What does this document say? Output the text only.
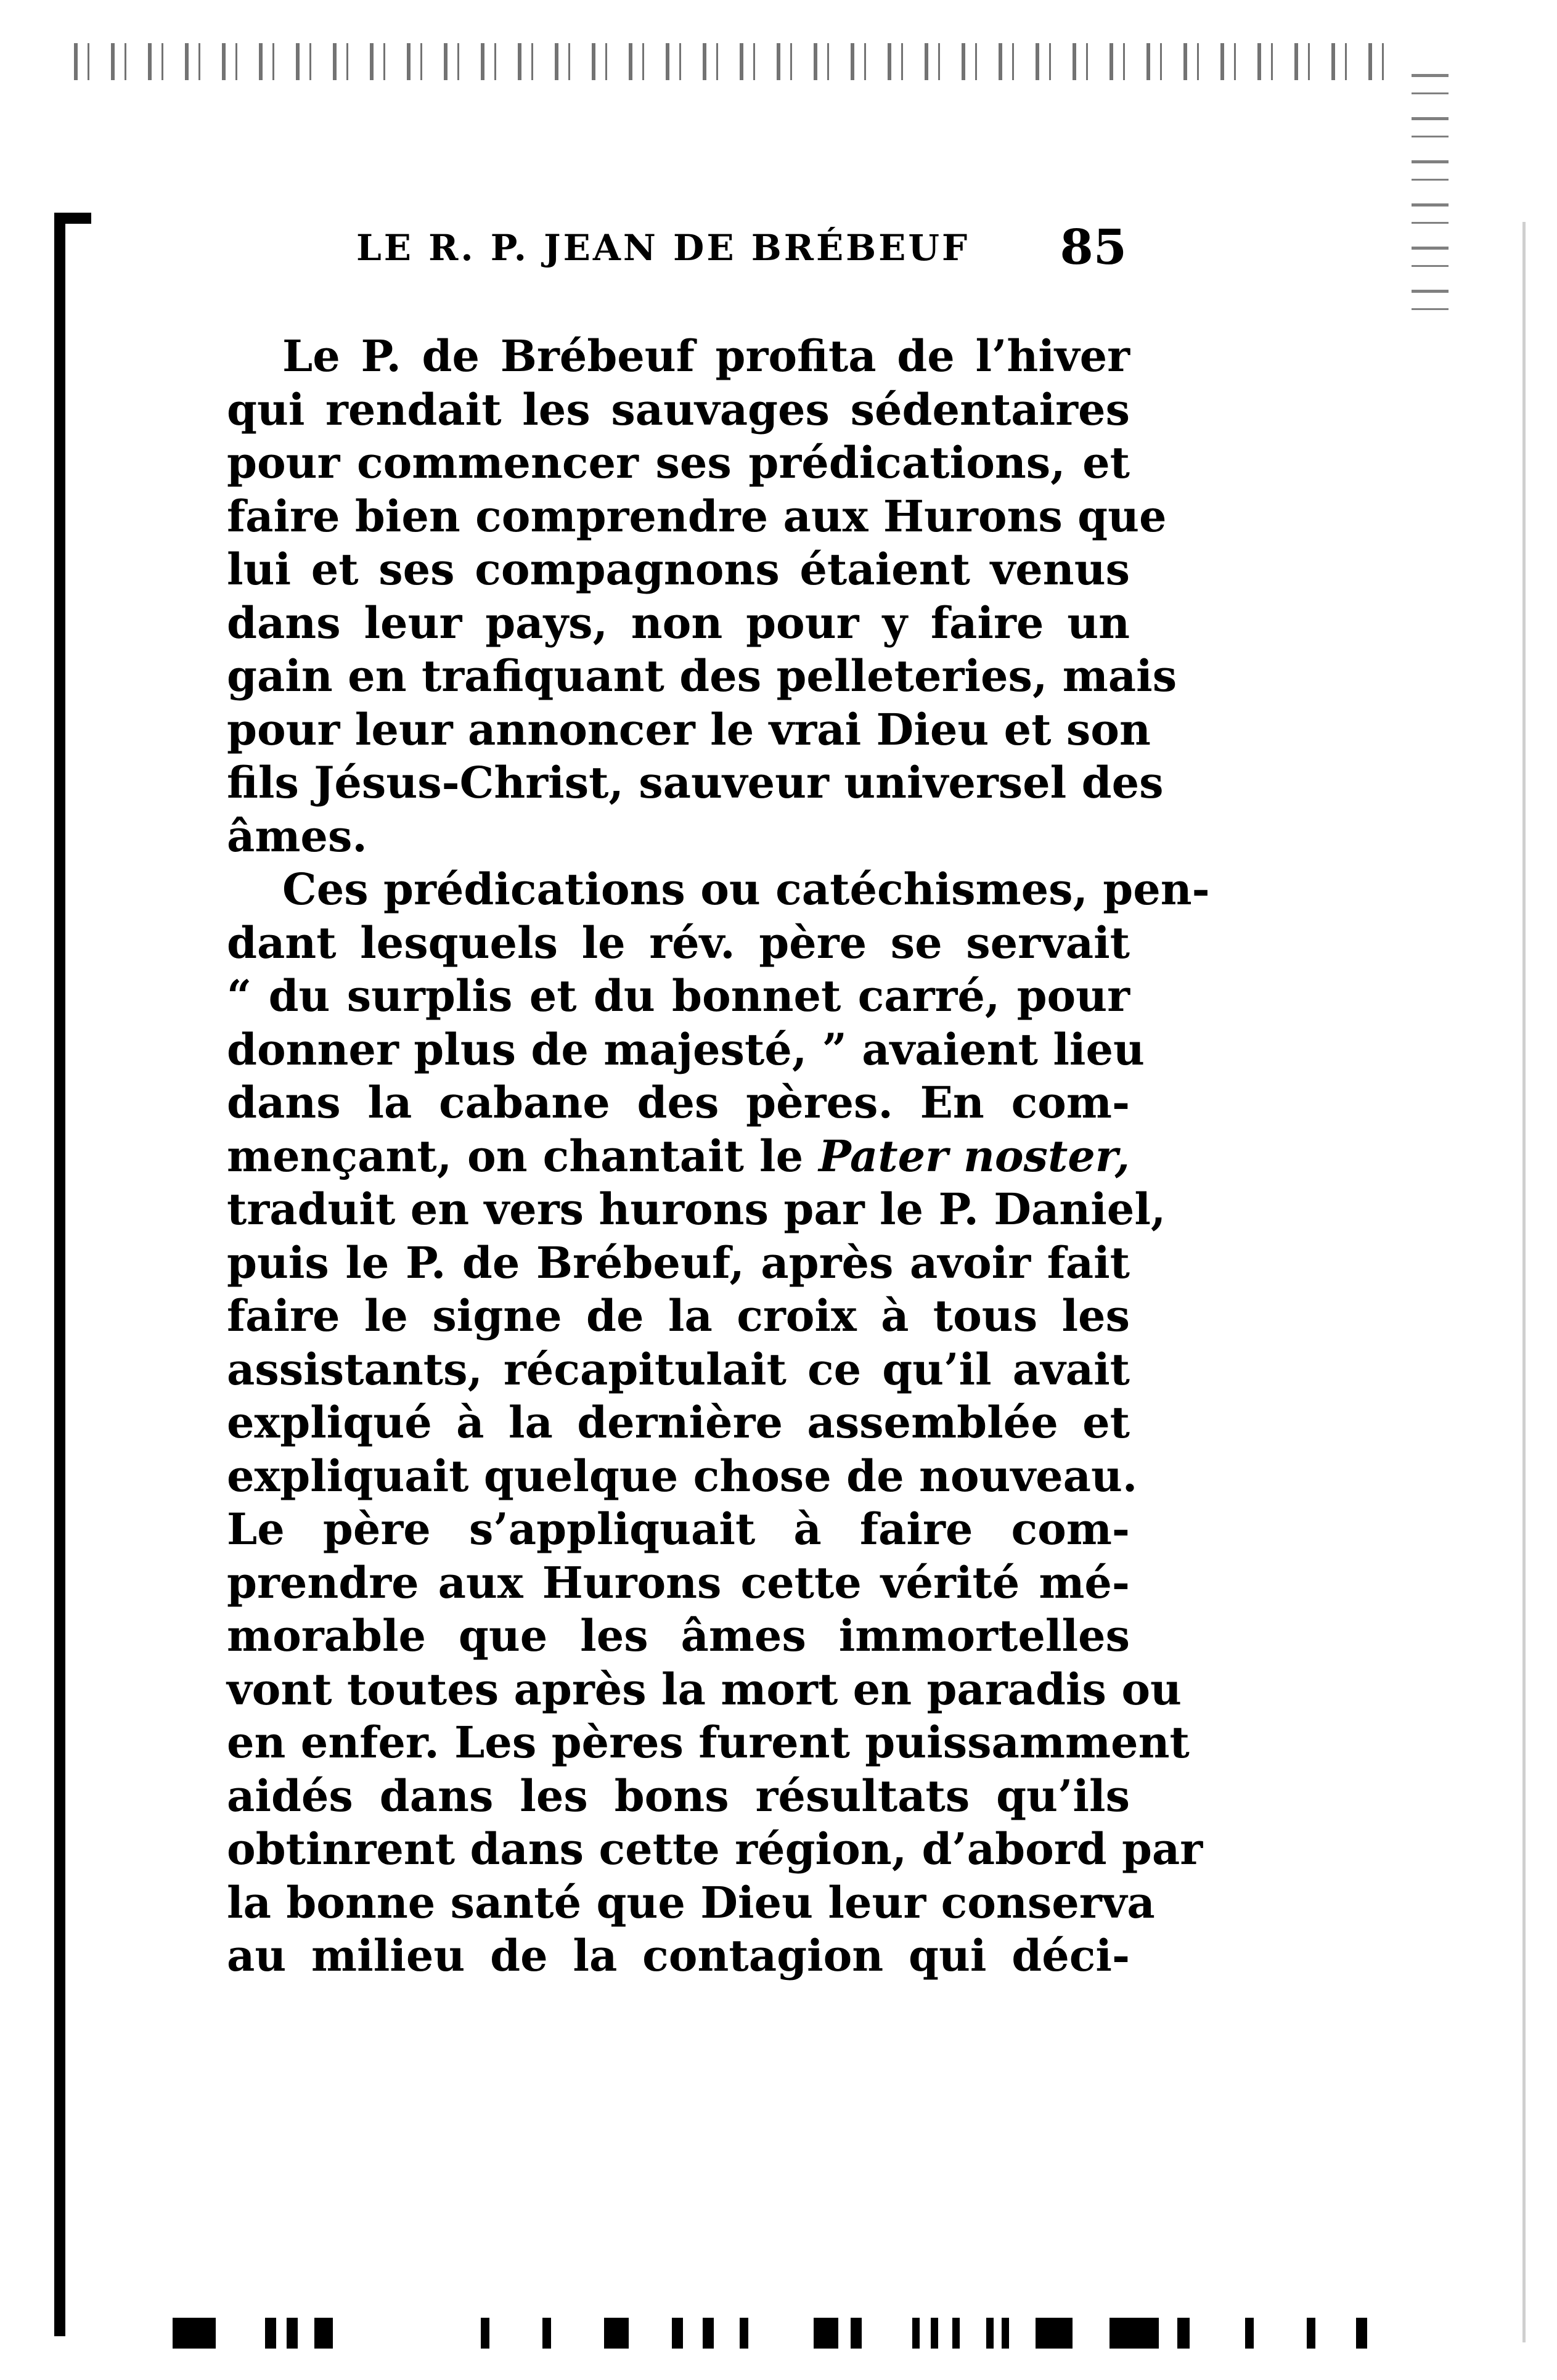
LE R. P. JEAN DE BRÉBEUF 85
Le P. de Brébeuf profita de l’hiver
qui rendait les sauvages sédentaires
pour commencer ses prédications, et
faire bien comprendre aux Hurons que
lui et ses compagnons étaient venus
dans leur pays, non pour y faire un
gain en trafiquant des pelleteries, mais
pour leur annoncer le vrai Dieu et son
fils Jésus-Christ, sauveur universel des
âmes.
Ces prédications ou catéchismes, pen-
dant lesquels le rév. père se servait
“ du surplis et du bonnet carré, pour
donner plus de majesté, ” avaient lieu
dans la cabane des pères. En com-
mençant, on chantait le Pater noster,
traduit en vers hurons par le P. Daniel,
puis le P. de Brébeuf, après avoir fait
faire le signe de la croix à tous les
assistants, récapitulait ce qu’il avait
expliqué à la dernière assemblée et
expliquait quelque chose de nouveau.
Le père s’appliquait à faire com-
prendre aux Hurons cette vérité mé-
morable que les âmes immortelles
vont toutes après la mort en paradis ou
en enfer. Les pères furent puissamment
aidés dans les bons résultats qu’ils
obtinrent dans cette région, d’abord par
la bonne santé que Dieu leur conserva
au milieu de la contagion qui déci-
